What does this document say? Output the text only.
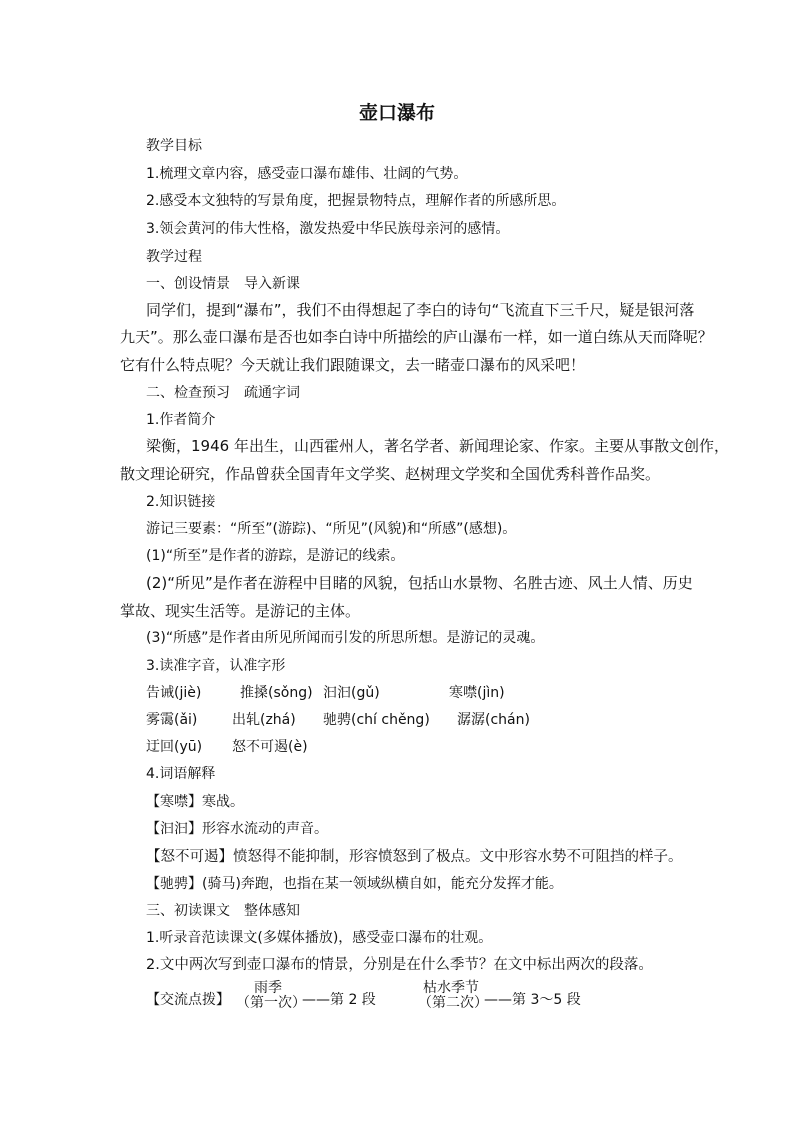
壶口瀑布
教学目标
1.梳理文章内容，感受壶口瀑布雄伟、壮阔的气势。
2.感受本文独特的写景角度，把握景物特点，理解作者的所感所思。
3.领会黄河的伟大性格，激发热爱中华民族母亲河的感情。
教学过程
一、创设情景　导入新课
同学们，提到“瀑布”，我们不由得想起了李白的诗句“飞流直下三千尺，疑是银河落
九天”。那么壶口瀑布是否也如李白诗中所描绘的庐山瀑布一样，如一道白练从天而降呢？
它有什么特点呢？今天就让我们跟随课文，去一睹壶口瀑布的风采吧！
二、检查预习　疏通字词
1.作者简介
梁衡，1946 年出生，山西霍州人，著名学者、新闻理论家、作家。主要从事散文创作，
散文理论研究，作品曾获全国青年文学奖、赵树理文学奖和全国优秀科普作品奖。
2.知识链接
游记三要素：“所至”(游踪)、“所见”(风貌)和“所感”(感想)。
(1)“所至”是作者的游踪，是游记的线索。
(2)“所见”是作者在游程中目睹的风貌，包括山水景物、名胜古迹、风土人情、历史
掌故、现实生活等。是游记的主体。
(3)“所感”是作者由所见所闻而引发的所思所想。是游记的灵魂。
3.读准字音，认准字形
告诫(jiè)	推搡(sǒng) 汩汩(gǔ)	寒噤(jìn)
雾霭(ǎi) 出轧(zhá) 驰骋(chí chěng) 潺潺(chán)
迂回(yū) 怒不可遏(è)
4.词语解释
【寒噤】寒战。
【汩汩】形容水流动的声音。
【怒不可遏】愤怒得不能抑制，形容愤怒到了极点。文中形容水势不可阻挡的样子。
【驰骋】(骑马)奔跑，也指在某一领域纵横自如，能充分发挥才能。
三、初读课文　整体感知
1.听录音范读课文(多媒体播放)，感受壶口瀑布的壮观。
2.文中两次写到壶口瀑布的情景，分别是在什么季节？在文中标出两次的段落。
【交流点拨】
雨季
（第一次）
——第 2 段
枯水季节
（第二次）
——第 3～5 段
